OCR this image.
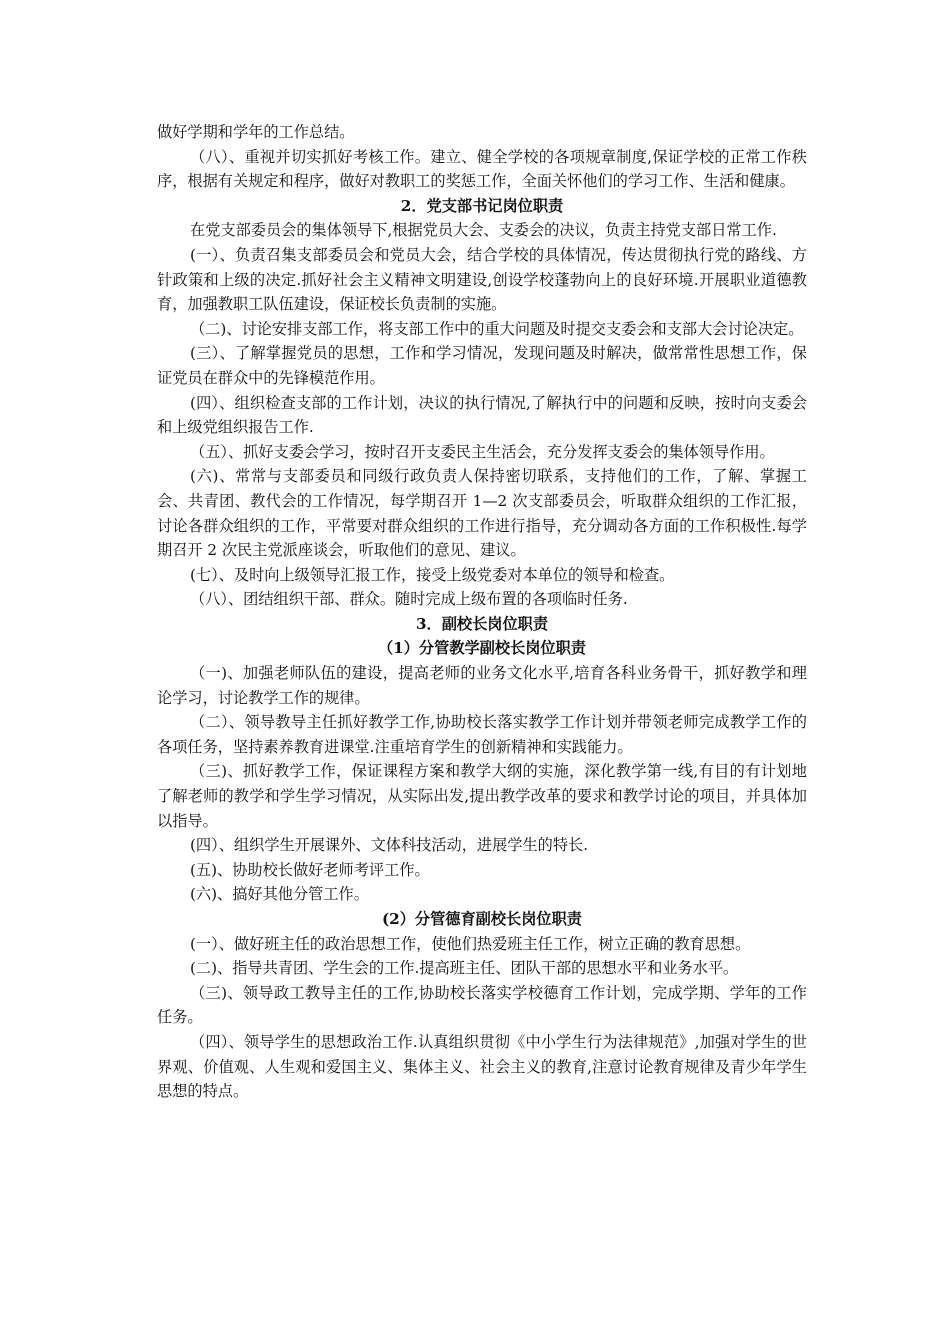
做好学期和学年的工作总结。

（八）、重视并切实抓好考核工作。建立、健全学校的各项规章制度,保证学校的正常工作秩序，根据有关规定和程序，做好对教职工的奖惩工作，全面关怀他们的学习工作、生活和健康。

2．党支部书记岗位职责

在党支部委员会的集体领导下,根据党员大会、支委会的决议，负责主持党支部日常工作.

(一）、负责召集支部委员会和党员大会，结合学校的具体情况，传达贯彻执行党的路线、方针政策和上级的决定.抓好社会主义精神文明建设,创设学校蓬勃向上的良好环境.开展职业道德教育，加强教职工队伍建设，保证校长负责制的实施。

（二)、讨论安排支部工作，将支部工作中的重大问题及时提交支委会和支部大会讨论决定。

(三）、了解掌握党员的思想，工作和学习情况，发现问题及时解决，做常常性思想工作，保证党员在群众中的先锋模范作用。

(四）、组织检查支部的工作计划，决议的执行情况,了解执行中的问题和反映，按时向支委会和上级党组织报告工作.

（五）、抓好支委会学习，按时召开支委民主生活会，充分发挥支委会的集体领导作用。

(六)、常常与支部委员和同级行政负责人保持密切联系，支持他们的工作，了解、掌握工会、共青团、教代会的工作情况，每学期召开 1—2 次支部委员会，听取群众组织的工作汇报，讨论各群众组织的工作，平常要对群众组织的工作进行指导，充分调动各方面的工作积极性.每学期召开 2 次民主党派座谈会，听取他们的意见、建议。

(七）、及时向上级领导汇报工作，接受上级党委对本单位的领导和检查。

（八）、团结组织干部、群众。随时完成上级布置的各项临时任务.

3．副校长岗位职责

（1）分管教学副校长岗位职责

（一)、加强老师队伍的建设，提高老师的业务文化水平,培育各科业务骨干，抓好教学和理论学习，讨论教学工作的规律。

（二）、领导教导主任抓好教学工作,协助校长落实教学工作计划并带领老师完成教学工作的各项任务，坚持素养教育进课堂.注重培育学生的创新精神和实践能力。

（三)、抓好教学工作，保证课程方案和教学大纲的实施，深化教学第一线,有目的有计划地了解老师的教学和学生学习情况，从实际出发,提出教学改革的要求和教学讨论的项目，并具体加以指导。

(四）、组织学生开展课外、文体科技活动，进展学生的特长.

(五)、协助校长做好老师考评工作。

(六)、搞好其他分管工作。

(2）分管德育副校长岗位职责

(一）、做好班主任的政治思想工作，使他们热爱班主任工作，树立正确的教育思想。

(二)、指导共青团、学生会的工作.提高班主任、团队干部的思想水平和业务水平。

（三)、领导政工教导主任的工作,协助校长落实学校德育工作计划，完成学期、学年的工作任务。

（四）、领导学生的思想政治工作.认真组织贯彻《中小学生行为法律规范》,加强对学生的世界观、价值观、人生观和爱国主义、集体主义、社会主义的教育,注意讨论教育规律及青少年学生思想的特点。
